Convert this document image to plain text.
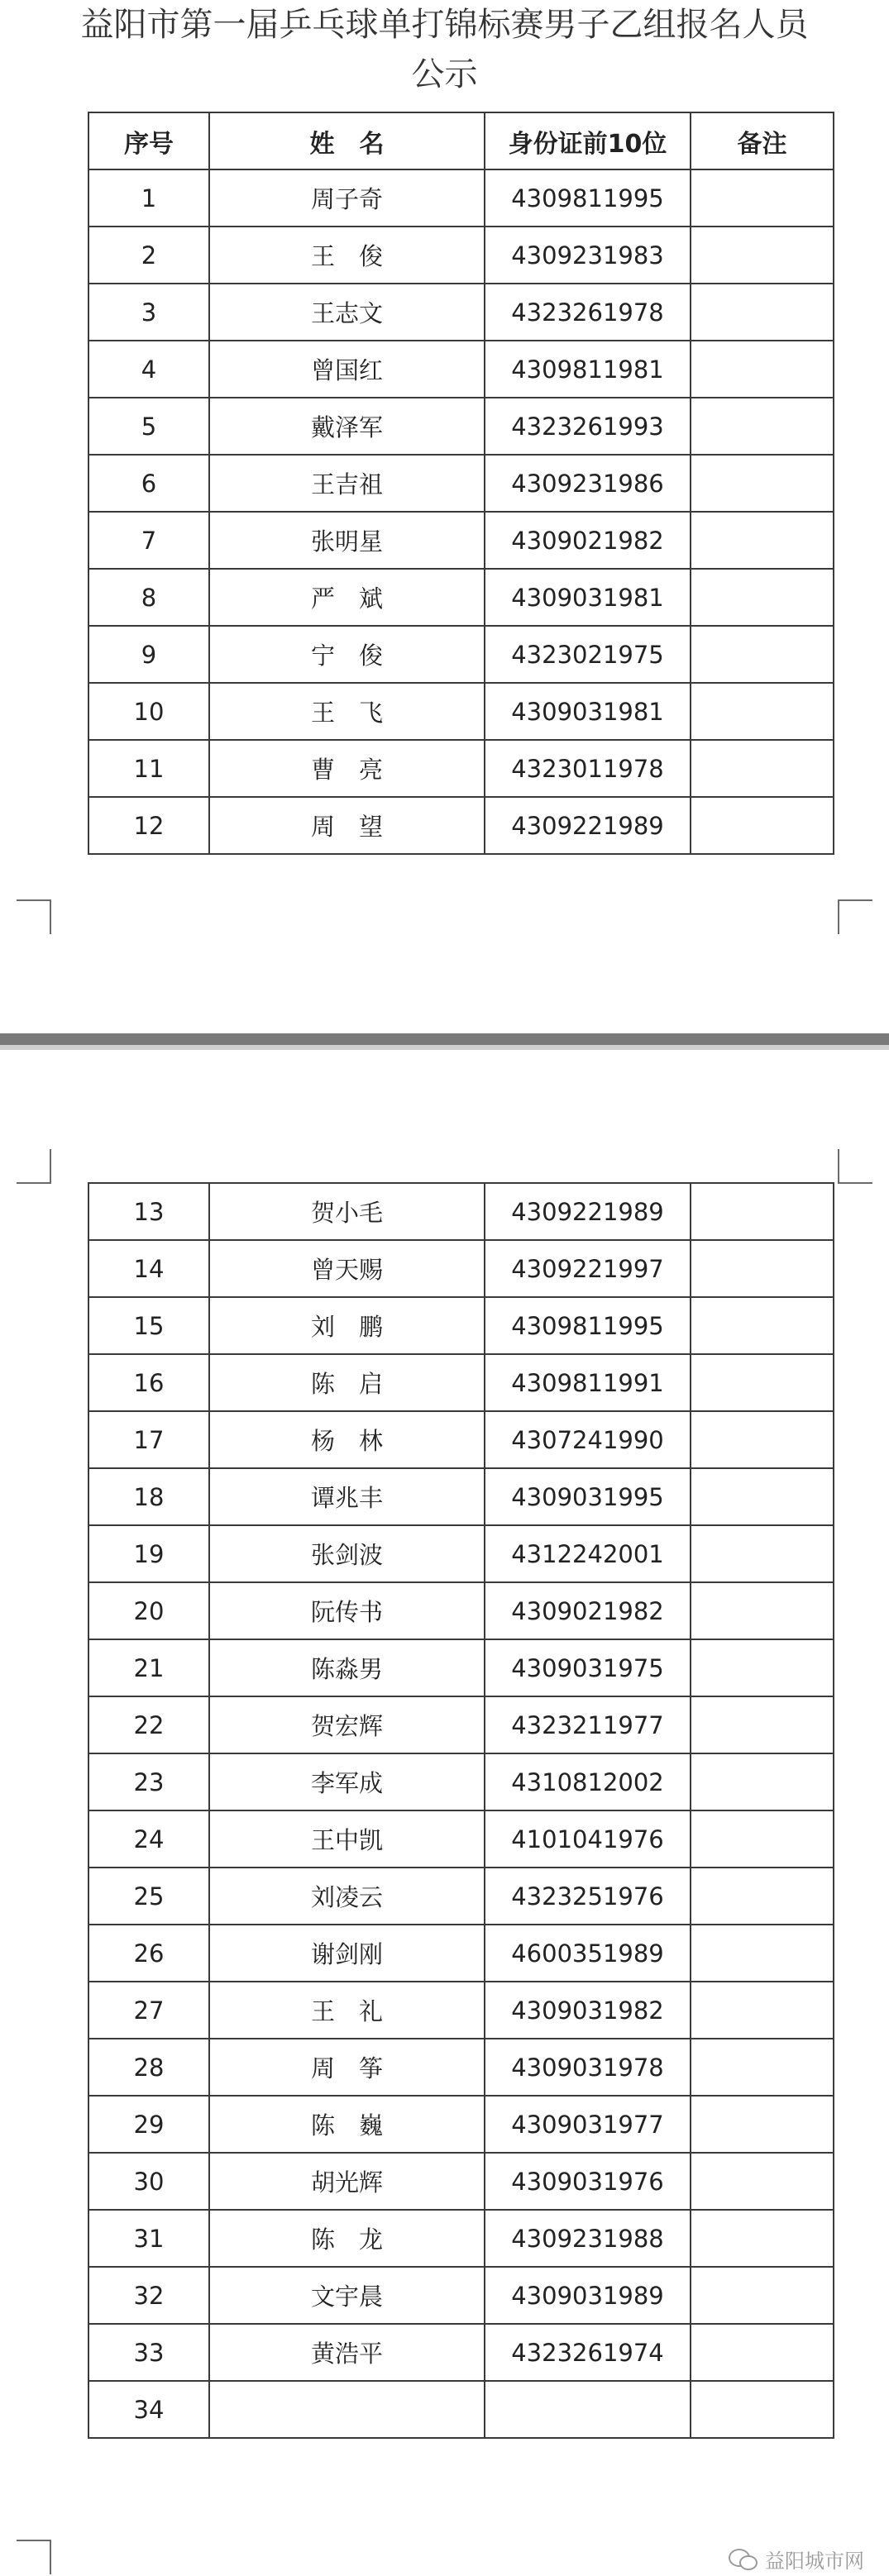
益阳市第一届乒乓球单打锦标赛男子乙组报名人员
公示
序号	姓　名	身份证前10位	备注
1	周子奇	4309811995	
2	王　俊	4309231983	
3	王志文	4323261978	
4	曾国红	4309811981	
5	戴泽军	4323261993	
6	王吉祖	4309231986	
7	张明星	4309021982	
8	严　斌	4309031981	
9	宁　俊	4323021975	
10	王　飞	4309031981	
11	曹　亮	4323011978	
12	周　望	4309221989	
13	贺小毛	4309221989	
14	曾天赐	4309221997	
15	刘　鹏	4309811995	
16	陈　启	4309811991	
17	杨　林	4307241990	
18	谭兆丰	4309031995	
19	张剑波	4312242001	
20	阮传书	4309021982	
21	陈淼男	4309031975	
22	贺宏辉	4323211977	
23	李军成	4310812002	
24	王中凯	4101041976	
25	刘凌云	4323251976	
26	谢剑刚	4600351989	
27	王　礼	4309031982	
28	周　筝	4309031978	
29	陈　巍	4309031977	
30	胡光辉	4309031976	
31	陈　龙	4309231988	
32	文宇晨	4309031989	
33	黄浩平	4323261974	
34			
益阳城市网
